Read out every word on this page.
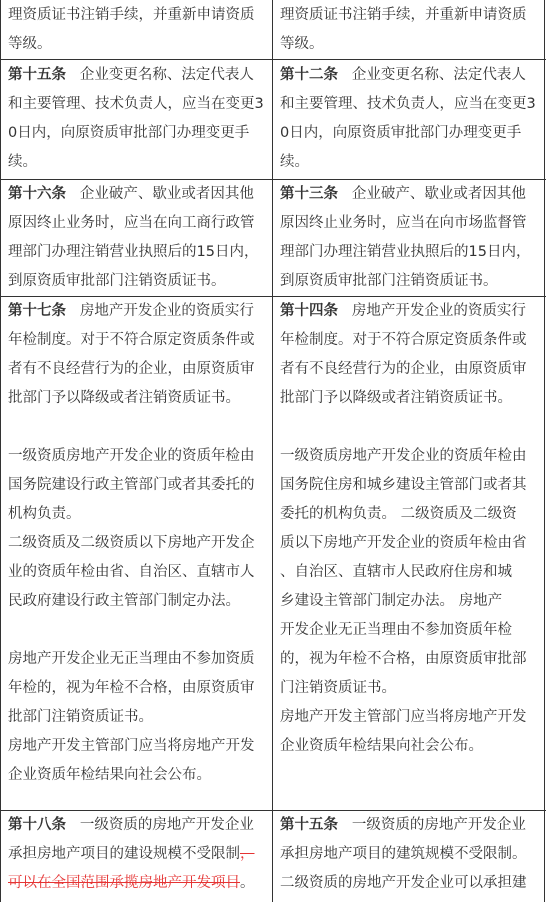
理资质证书注销手续，并重新申请资质
等级。
理资质证书注销手续，并重新申请资质
等级。
第十五条 企业变更名称、法定代表人
和主要管理、技术负责人，应当在变更3
0日内，向原资质审批部门办理变更手
续。
第十二条 企业变更名称、法定代表人
和主要管理、技术负责人，应当在变更3
0日内，向原资质审批部门办理变更手
续。
第十六条 企业破产、歇业或者因其他
原因终止业务时，应当在向工商行政管
理部门办理注销营业执照后的15日内，
到原资质审批部门注销资质证书。
第十三条 企业破产、歇业或者因其他
原因终止业务时，应当在向市场监督管
理部门办理注销营业执照后的15日内，
到原资质审批部门注销资质证书。
第十七条 房地产开发企业的资质实行
年检制度。对于不符合原定资质条件或
者有不良经营行为的企业，由原资质审
批部门予以降级或者注销资质证书。
一级资质房地产开发企业的资质年检由
国务院建设行政主管部门或者其委托的
机构负责。
二级资质及二级资质以下房地产开发企
业的资质年检由省、自治区、直辖市人
民政府建设行政主管部门制定办法。
房地产开发企业无正当理由不参加资质
年检的，视为年检不合格，由原资质审
批部门注销资质证书。
房地产开发主管部门应当将房地产开发
企业资质年检结果向社会公布。
第十四条 房地产开发企业的资质实行
年检制度。对于不符合原定资质条件或
者有不良经营行为的企业，由原资质审
批部门予以降级或者注销资质证书。
一级资质房地产开发企业的资质年检由
国务院住房和城乡建设主管部门或者其
委托的机构负责。 二级资质及二级资
质以下房地产开发企业的资质年检由省
、自治区、直辖市人民政府住房和城
乡建设主管部门制定办法。 房地产
开发企业无正当理由不参加资质年检
的，视为年检不合格，由原资质审批部
门注销资质证书。
房地产开发主管部门应当将房地产开发
企业资质年检结果向社会公布。
第十八条 一级资质的房地产开发企业
承担房地产项目的建设规模不受限制，
可以在全国范围承揽房地产开发项目。
第十五条 一级资质的房地产开发企业
承担房地产项目的建筑规模不受限制。
二级资质的房地产开发企业可以承担建
